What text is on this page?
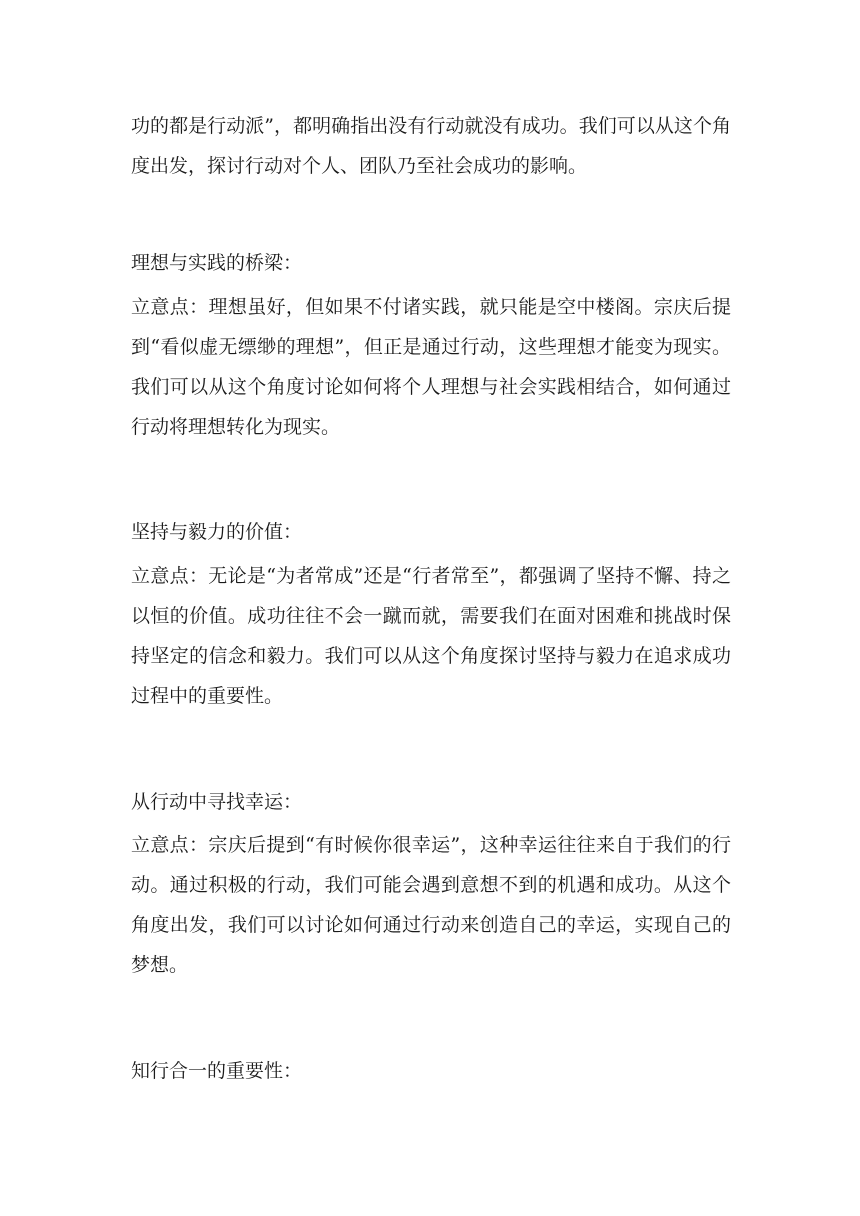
功的都是行动派”，都明确指出没有行动就没有成功。我们可以从这个角度出发，探讨行动对个人、团队乃至社会成功的影响。
理想与实践的桥梁：
立意点：理想虽好，但如果不付诸实践，就只能是空中楼阁。宗庆后提到“看似虚无缥缈的理想”，但正是通过行动，这些理想才能变为现实。我们可以从这个角度讨论如何将个人理想与社会实践相结合，如何通过行动将理想转化为现实。
坚持与毅力的价值：
立意点：无论是“为者常成”还是“行者常至”，都强调了坚持不懈、持之以恒的价值。成功往往不会一蹴而就，需要我们在面对困难和挑战时保持坚定的信念和毅力。我们可以从这个角度探讨坚持与毅力在追求成功过程中的重要性。
从行动中寻找幸运：
立意点：宗庆后提到“有时候你很幸运”，这种幸运往往来自于我们的行动。通过积极的行动，我们可能会遇到意想不到的机遇和成功。从这个角度出发，我们可以讨论如何通过行动来创造自己的幸运，实现自己的梦想。
知行合一的重要性：
